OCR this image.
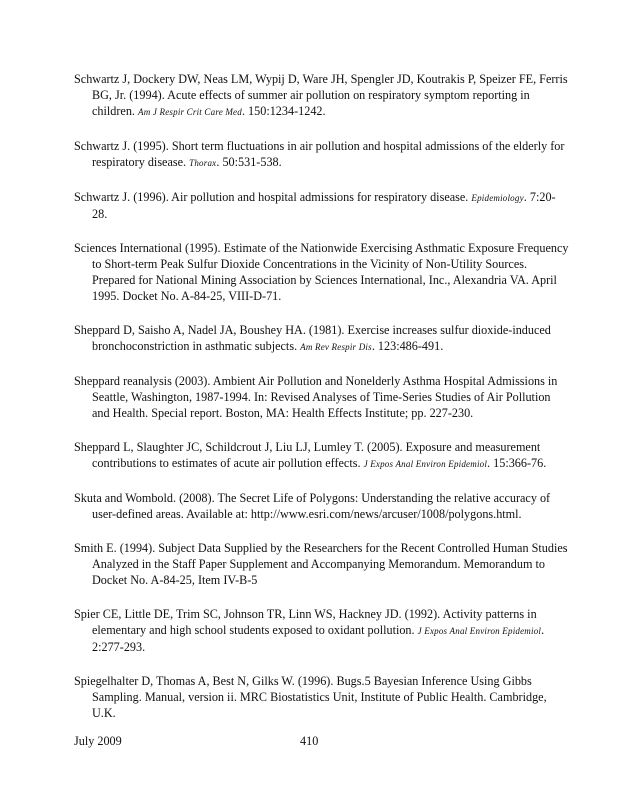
Schwartz J, Dockery DW, Neas LM, Wypij D, Ware JH, Spengler JD, Koutrakis P, Speizer FE, Ferris BG, Jr. (1994). Acute effects of summer air pollution on respiratory symptom reporting in children. Am J Respir Crit Care Med. 150:1234-1242.

Schwartz J. (1995). Short term fluctuations in air pollution and hospital admissions of the elderly for respiratory disease. Thorax. 50:531-538.

Schwartz J. (1996). Air pollution and hospital admissions for respiratory disease. Epidemiology. 7:20-28.

Sciences International (1995). Estimate of the Nationwide Exercising Asthmatic Exposure Frequency to Short-term Peak Sulfur Dioxide Concentrations in the Vicinity of Non-Utility Sources. Prepared for National Mining Association by Sciences International, Inc., Alexandria VA. April 1995. Docket No. A-84-25, VIII-D-71.

Sheppard D, Saisho A, Nadel JA, Boushey HA. (1981). Exercise increases sulfur dioxide-induced bronchoconstriction in asthmatic subjects. Am Rev Respir Dis. 123:486-491.

Sheppard reanalysis (2003). Ambient Air Pollution and Nonelderly Asthma Hospital Admissions in Seattle, Washington, 1987-1994. In: Revised Analyses of Time-Series Studies of Air Pollution and Health. Special report. Boston, MA: Health Effects Institute; pp. 227-230.

Sheppard L, Slaughter JC, Schildcrout J, Liu LJ, Lumley T. (2005). Exposure and measurement contributions to estimates of acute air pollution effects. J Expos Anal Environ Epidemiol. 15:366-76.

Skuta and Wombold. (2008). The Secret Life of Polygons: Understanding the relative accuracy of user-defined areas. Available at: http://www.esri.com/news/arcuser/1008/polygons.html.

Smith E. (1994). Subject Data Supplied by the Researchers for the Recent Controlled Human Studies Analyzed in the Staff Paper Supplement and Accompanying Memorandum. Memorandum to Docket No. A-84-25, Item IV-B-5

Spier CE, Little DE, Trim SC, Johnson TR, Linn WS, Hackney JD. (1992). Activity patterns in elementary and high school students exposed to oxidant pollution. J Expos Anal Environ Epidemiol. 2:277-293.

Spiegelhalter D, Thomas A, Best N, Gilks W. (1996). Bugs.5 Bayesian Inference Using Gibbs Sampling. Manual, version ii. MRC Biostatistics Unit, Institute of Public Health. Cambridge, U.K.

July 2009	410
